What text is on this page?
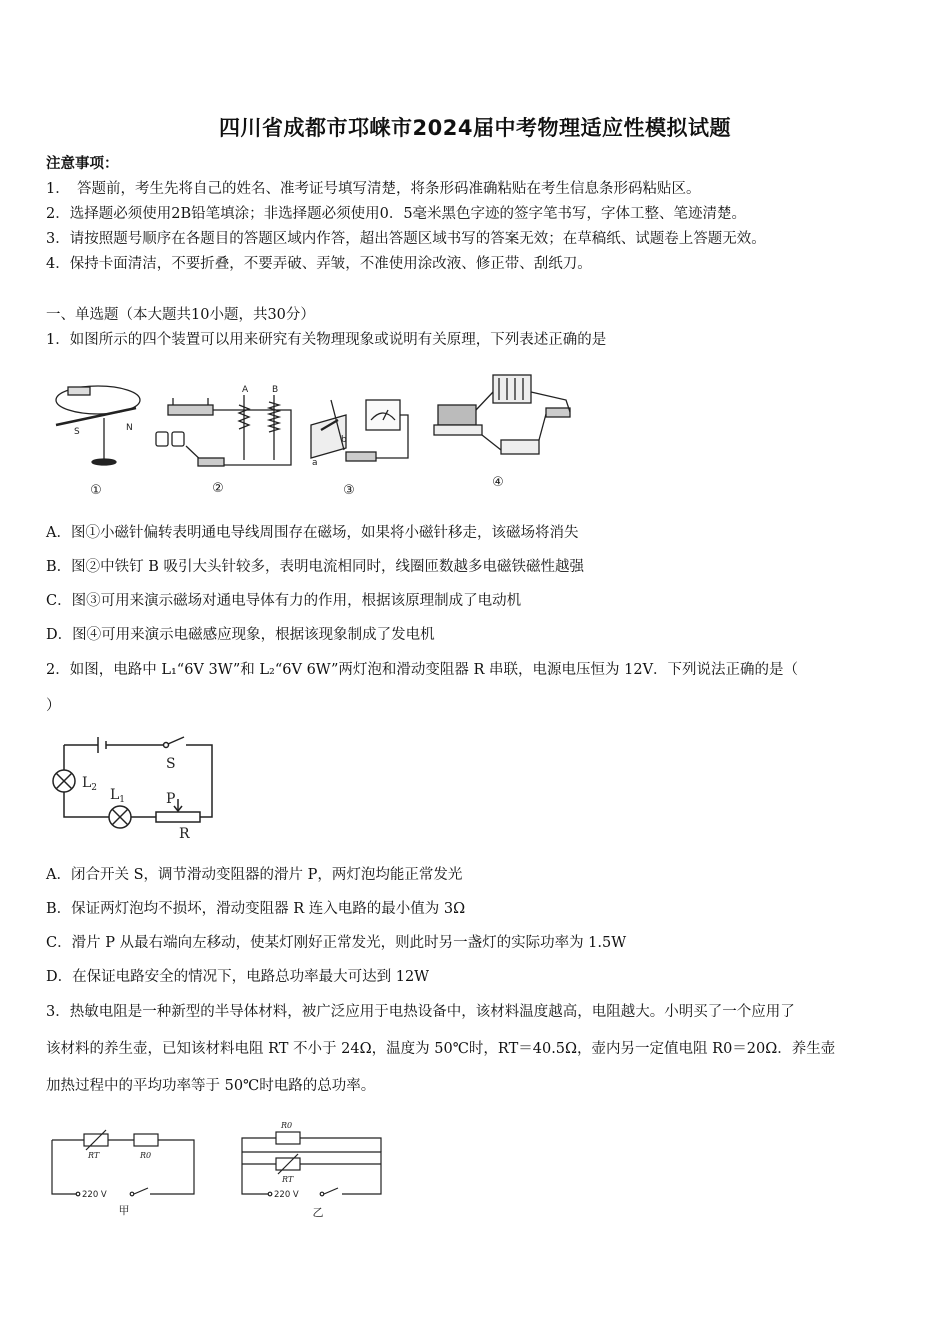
四川省成都市邛崃市2024届中考物理适应性模拟试题
注意事项：
1．　答题前，考生先将自己的姓名、准考证号填写清楚，将条形码准确粘贴在考生信息条形码粘贴区。
2．选择题必须使用2B铅笔填涂；非选择题必须使用0．5毫米黑色字迹的签字笔书写，字体工整、笔迹清楚。
3．请按照题号顺序在各题目的答题区域内作答，超出答题区域书写的答案无效；在草稿纸、试题卷上答题无效。
4．保持卡面清洁，不要折叠，不要弄破、弄皱，不准使用涂改液、修正带、刮纸刀。
一、单选题（本大题共10小题，共30分）
1．如图所示的四个装置可以用来研究有关物理现象或说明有关原理，下列表述正确的是
S	N
A	B
a
b
①	②	③
④
A．图①小磁针偏转表明通电导线周围存在磁场，如果将小磁针移走，该磁场将消失
B．图②中铁钉 B 吸引大头针较多，表明电流相同时，线圈匝数越多电磁铁磁性越强
C．图③可用来演示磁场对通电导体有力的作用，根据该原理制成了电动机
D．图④可用来演示电磁感应现象，根据该现象制成了发电机
2．如图，电路中 L₁“6V 3W”和 L₂“6V 6W”两灯泡和滑动变阻器 R 串联，电源电压恒为 12V．下列说法正确的是（
）
S
$L_2$ $L_1$	P
R
A．闭合开关 S，调节滑动变阻器的滑片 P，两灯泡均能正常发光
B．保证两灯泡均不损坏，滑动变阻器 R 连入电路的最小值为 3Ω
C．滑片 P 从最右端向左移动，使某灯刚好正常发光，则此时另一盏灯的实际功率为 1.5W
D．在保证电路安全的情况下，电路总功率最大可达到 12W
3．热敏电阻是一种新型的半导体材料，被广泛应用于电热设备中，该材料温度越高，电阻越大。小明买了一个应用了
该材料的养生壶，已知该材料电阻 RT 不小于 24Ω，温度为 50℃时，RT＝40.5Ω，壶内另一定值电阻 R0＝20Ω．养生壶
加热过程中的平均功率等于 50℃时电路的总功率。
RT	R0
R0
RT
220 V	220 V
甲	乙
